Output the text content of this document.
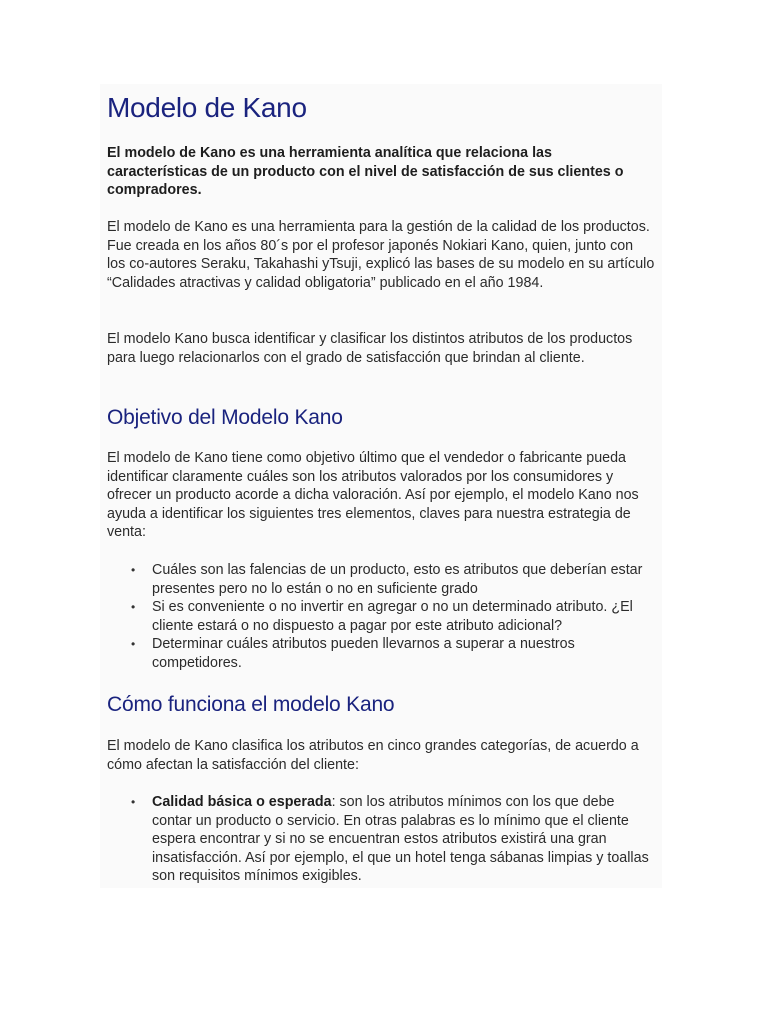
Modelo de Kano

El modelo de Kano es una herramienta analítica que relaciona las características de un producto con el nivel de satisfacción de sus clientes o compradores.

El modelo de Kano es una herramienta para la gestión de la calidad de los productos. Fue creada en los años 80´s por el profesor japonés Nokiari Kano, quien, junto con los co-autores Seraku, Takahashi yTsuji, explicó las bases de su modelo en su artículo “Calidades atractivas y calidad obligatoria” publicado en el año 1984.

El modelo Kano busca identificar y clasificar los distintos atributos de los productos para luego relacionarlos con el grado de satisfacción que brindan al cliente.

Objetivo del Modelo Kano

El modelo de Kano tiene como objetivo último que el vendedor o fabricante pueda identificar claramente cuáles son los atributos valorados por los consumidores y ofrecer un producto acorde a dicha valoración. Así por ejemplo, el modelo Kano nos ayuda a identificar los siguientes tres elementos, claves para nuestra estrategia de venta:

• Cuáles son las falencias de un producto, esto es atributos que deberían estar presentes pero no lo están o no en suficiente grado
• Si es conveniente o no invertir en agregar o no un determinado atributo. ¿El cliente estará o no dispuesto a pagar por este atributo adicional?
• Determinar cuáles atributos pueden llevarnos a superar a nuestros competidores.
Cómo funciona el modelo Kano

El modelo de Kano clasifica los atributos en cinco grandes categorías, de acuerdo a cómo afectan la satisfacción del cliente:

• Calidad básica o esperada: son los atributos mínimos con los que debe contar un producto o servicio. En otras palabras es lo mínimo que el cliente espera encontrar y si no se encuentran estos atributos existirá una gran insatisfacción. Así por ejemplo, el que un hotel tenga sábanas limpias y toallas son requisitos mínimos exigibles.
